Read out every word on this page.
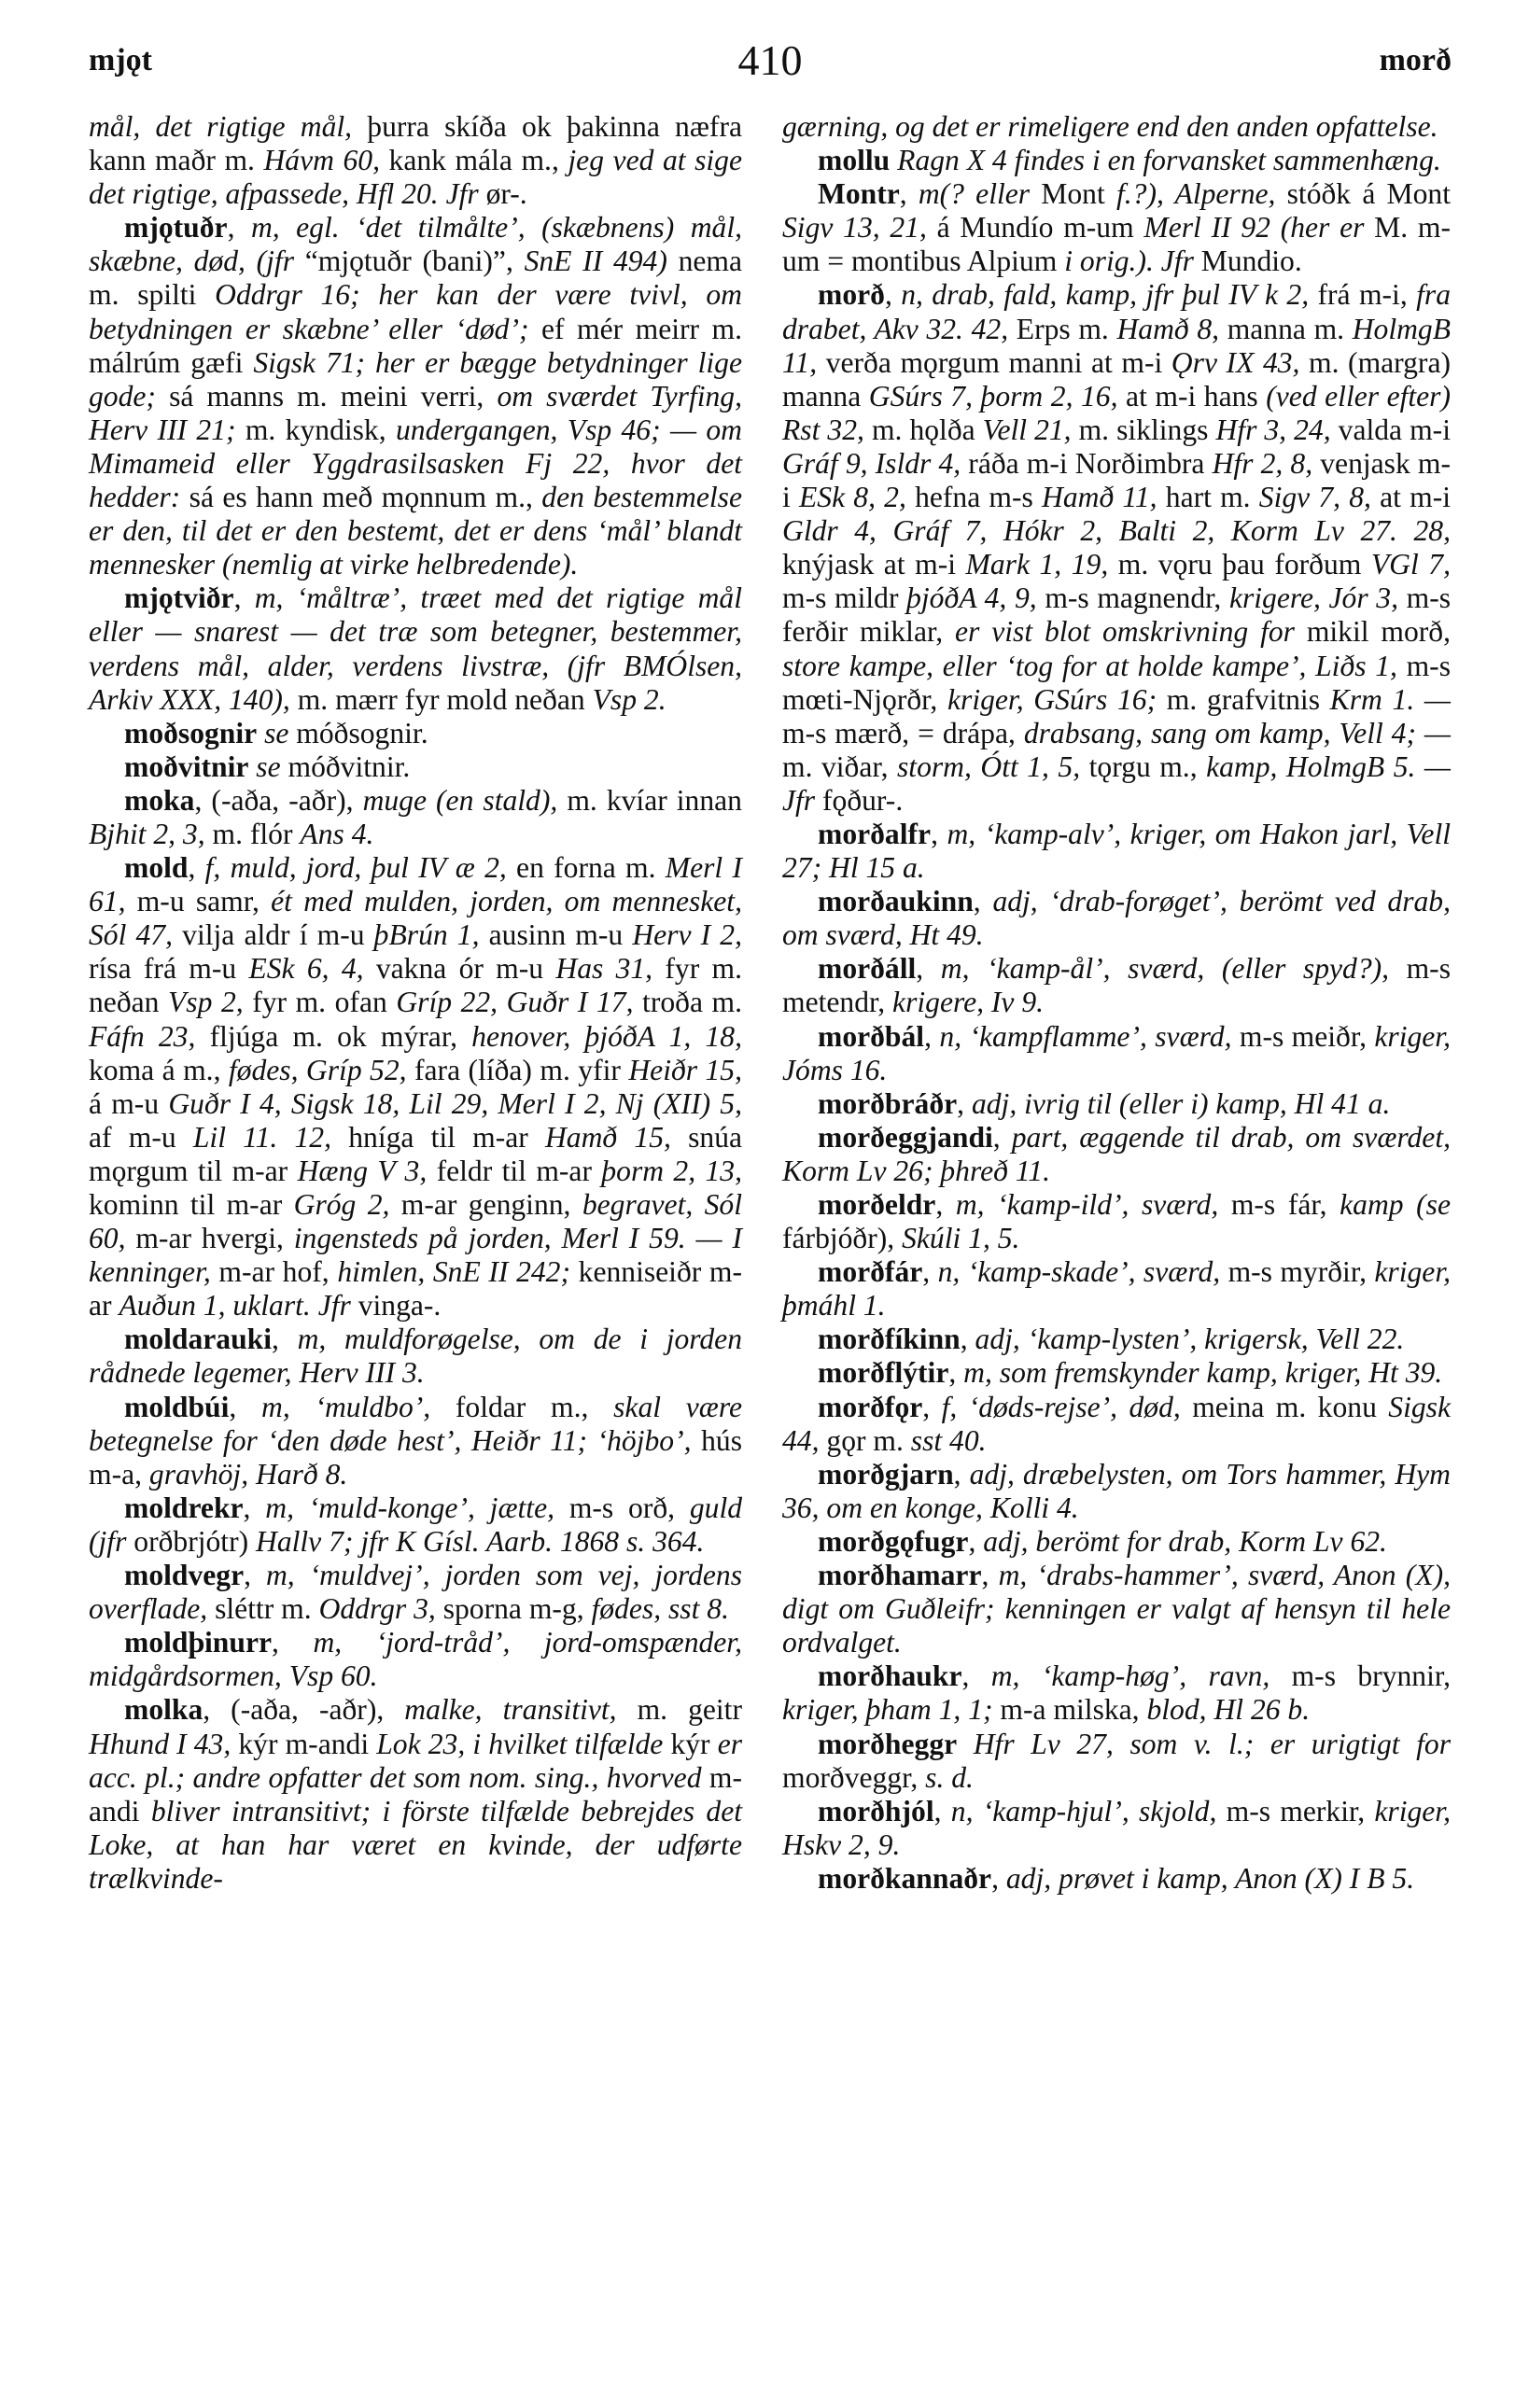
mjǫt	410	morð

mål, det rigtige mål, þurra skíða ok þakinna næfra kann maðr m. Hávm 60, kank mála m., jeg ved at sige det rigtige, afpassede, Hfl 20. Jfr ør-.

mjǫtuðr, m, egl. ‘det tilmålte’, (skæbnens) mål, skæbne, død, (jfr “mjǫtuðr (bani)”, SnE II 494) nema m. spilti Oddrgr 16; her kan der være tvivl, om betydningen er skæbne’ eller ‘død’; ef mér meirr m. málrúm gæfi Sigsk 71; her er bægge betydninger lige gode; sá manns m. meini verri, om sværdet Tyrfing, Herv III 21; m. kyndisk, undergangen, Vsp 46; — om Mimameid eller Yggdrasilsasken Fj 22, hvor det hedder: sá es hann með mǫnnum m., den bestemmelse er den, til det er den bestemt, det er dens ‘mål’ blandt mennesker (nemlig at virke helbredende).

mjǫtviðr, m, ‘måltræ’, træet med det rigtige mål eller — snarest — det træ som betegner, bestemmer, verdens mål, alder, verdens livstræ, (jfr BMÓlsen, Arkiv XXX, 140), m. mærr fyr mold neðan Vsp 2.

moðsognir se móðsognir.

moðvitnir se móðvitnir.

moka, (-aða, -aðr), muge (en stald), m. kvíar innan Bjhit 2, 3, m. flór Ans 4.

mold, f, muld, jord, þul IV æ 2, en forna m. Merl I 61, m-u samr, ét med mulden, jorden, om mennesket, Sól 47, vilja aldr í m-u þBrún 1, ausinn m-u Herv I 2, rísa frá m-u ESk 6, 4, vakna ór m-u Has 31, fyr m. neðan Vsp 2, fyr m. ofan Gríp 22, Guðr I 17, troða m. Fáfn 23, fljúga m. ok mýrar, henover, þjóðA 1, 18, koma á m., fødes, Gríp 52, fara (líða) m. yfir Heiðr 15, á m-u Guðr I 4, Sigsk 18, Lil 29, Merl I 2, Nj (XII) 5, af m-u Lil 11. 12, hníga til m-ar Hamð 15, snúa mǫrgum til m-ar Hæng V 3, feldr til m-ar þorm 2, 13, kominn til m-ar Gróg 2, m-ar genginn, begravet, Sól 60, m-ar hvergi, ingensteds på jorden, Merl I 59. — I kenninger, m-ar hof, himlen, SnE II 242; kenniseiðr m-ar Auðun 1, uklart. Jfr vinga-.

moldarauki, m, muldforøgelse, om de i jorden rådnede legemer, Herv III 3.

moldbúi, m, ‘muldbo’, foldar m., skal være betegnelse for ‘den døde hest’, Heiðr 11; ‘höjbo’, hús m-a, gravhöj, Harð 8.

moldrekr, m, ‘muld-konge’, jætte, m-s orð, guld (jfr orðbrjótr) Hallv 7; jfr K Gísl. Aarb. 1868 s. 364.

moldvegr, m, ‘muldvej’, jorden som vej, jordens overflade, sléttr m. Oddrgr 3, sporna m-g, fødes, sst 8.

moldþinurr, m, ‘jord-tråd’, jord-omspænder, midgårdsormen, Vsp 60.

molka, (-aða, -aðr), malke, transitivt, m. geitr Hhund I 43, kýr m-andi Lok 23, i hvilket tilfælde kýr er acc. pl.; andre opfatter det som nom. sing., hvorved m-andi bliver intransitivt; i förste tilfælde bebrejdes det Loke, at han har været en kvinde, der udførte trælkvinde-

gærning, og det er rimeligere end den anden opfattelse.

mollu Ragn X 4 findes i en forvansket sammenhæng.

Montr, m(? eller Mont f.?), Alperne, stóðk á Mont Sigv 13, 21, á Mundío m-um Merl II 92 (her er M. m-um = montibus Alpium i orig.). Jfr Mundio.

morð, n, drab, fald, kamp, jfr þul IV k 2, frá m-i, fra drabet, Akv 32. 42, Erps m. Hamð 8, manna m. HolmgB 11, verða mǫrgum manni at m-i Ǫrv IX 43, m. (margra) manna GSúrs 7, þorm 2, 16, at m-i hans (ved eller efter) Rst 32, m. hǫlða Vell 21, m. siklings Hfr 3, 24, valda m-i Gráf 9, Isldr 4, ráða m-i Norðimbra Hfr 2, 8, venjask m-i ESk 8, 2, hefna m-s Hamð 11, hart m. Sigv 7, 8, at m-i Gldr 4, Gráf 7, Hókr 2, Balti 2, Korm Lv 27. 28, knýjask at m-i Mark 1, 19, m. vǫru þau forðum VGl 7, m-s mildr þjóðA 4, 9, m-s magnendr, krigere, Jór 3, m-s ferðir miklar, er vist blot omskrivning for mikil morð, store kampe, eller ‘tog for at holde kampe’, Liðs 1, m-s mœti-Njǫrðr, kriger, GSúrs 16; m. grafvitnis Krm 1. — m-s mærð, = drápa, drabsang, sang om kamp, Vell 4; — m. viðar, storm, Ótt 1, 5, tǫrgu m., kamp, HolmgB 5. — Jfr fǫður-.

morðalfr, m, ‘kamp-alv’, kriger, om Hakon jarl, Vell 27; Hl 15 a.

morðaukinn, adj, ‘drab-forøget’, berömt ved drab, om sværd, Ht 49.

morðáll, m, ‘kamp-ål’, sværd, (eller spyd?), m-s metendr, krigere, Iv 9.

morðbál, n, ‘kampflamme’, sværd, m-s meiðr, kriger, Jóms 16.

morðbráðr, adj, ivrig til (eller i) kamp, Hl 41 a.

morðeggjandi, part, æggende til drab, om sværdet, Korm Lv 26; þhreð 11.

morðeldr, m, ‘kamp-ild’, sværd, m-s fár, kamp (se fárbjóðr), Skúli 1, 5.

morðfár, n, ‘kamp-skade’, sværd, m-s myrðir, kriger, þmáhl 1.

morðfíkinn, adj, ‘kamp-lysten’, krigersk, Vell 22.

morðflýtir, m, som fremskynder kamp, kriger, Ht 39.

morðfǫr, f, ‘døds-rejse’, død, meina m. konu Sigsk 44, gǫr m. sst 40.

morðgjarn, adj, dræbelysten, om Tors hammer, Hym 36, om en konge, Kolli 4.

morðgǫfugr, adj, berömt for drab, Korm Lv 62.

morðhamarr, m, ‘drabs-hammer’, sværd, Anon (X), digt om Guðleifr; kenningen er valgt af hensyn til hele ordvalget.

morðhaukr, m, ‘kamp-høg’, ravn, m-s brynnir, kriger, þham 1, 1; m-a milska, blod, Hl 26 b.

morðheggr Hfr Lv 27, som v. l.; er urigtigt for morðveggr, s. d.

morðhjól, n, ‘kamp-hjul’, skjold, m-s merkir, kriger, Hskv 2, 9.

morðkannaðr, adj, prøvet i kamp, Anon (X) I B 5.
